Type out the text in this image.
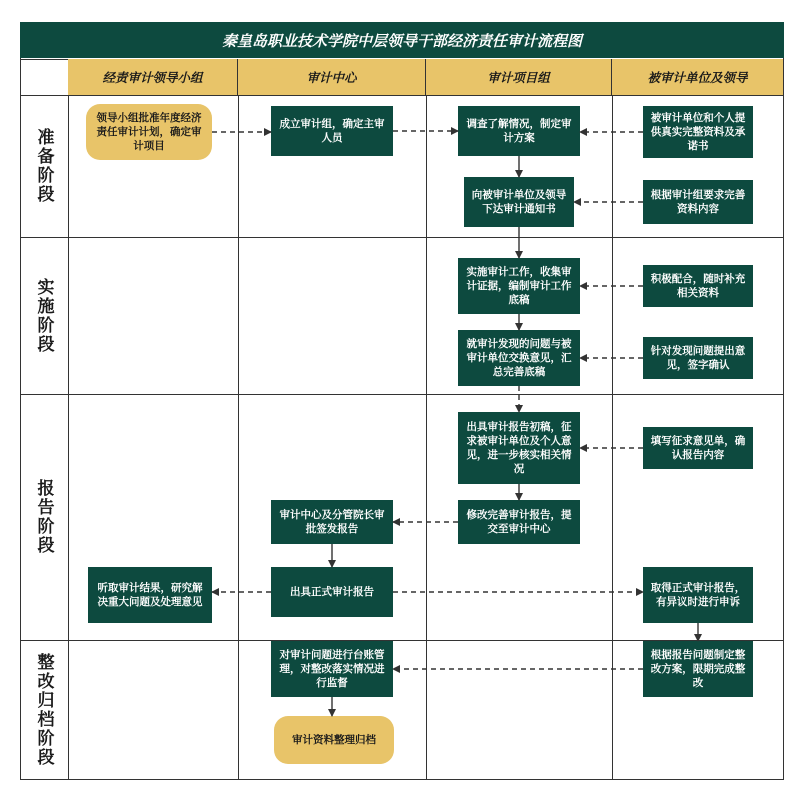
秦皇岛职业技术学院中层领导干部经济责任审计流程图
经责审计领导小组	审计中心	审计项目组	被审计单位及领导
准备阶段
实施阶段
报告阶段
整改归档阶段
领导小组批准年度经济责任审计计划，确定审计项目
成立审计组，确定主审人员
调查了解情况，制定审计方案
被审计单位和个人提供真实完整资料及承诺书
向被审计单位及领导下达审计通知书
根据审计组要求完善资料内容
实施审计工作，收集审计证据，编制审计工作底稿
积极配合，随时补充相关资料
就审计发现的问题与被审计单位交换意见，汇总完善底稿
针对发现问题提出意见，签字确认
出具审计报告初稿，征求被审计单位及个人意见，进一步核实相关情况
填写征求意见单，确认报告内容
修改完善审计报告，提交至审计中心
审计中心及分管院长审批签发报告
出具正式审计报告
听取审计结果，研究解决重大问题及处理意见
取得正式审计报告，有异议时进行申诉
根据报告问题制定整改方案，限期完成整改
对审计问题进行台账管理，对整改落实情况进行监督
审计资料整理归档
